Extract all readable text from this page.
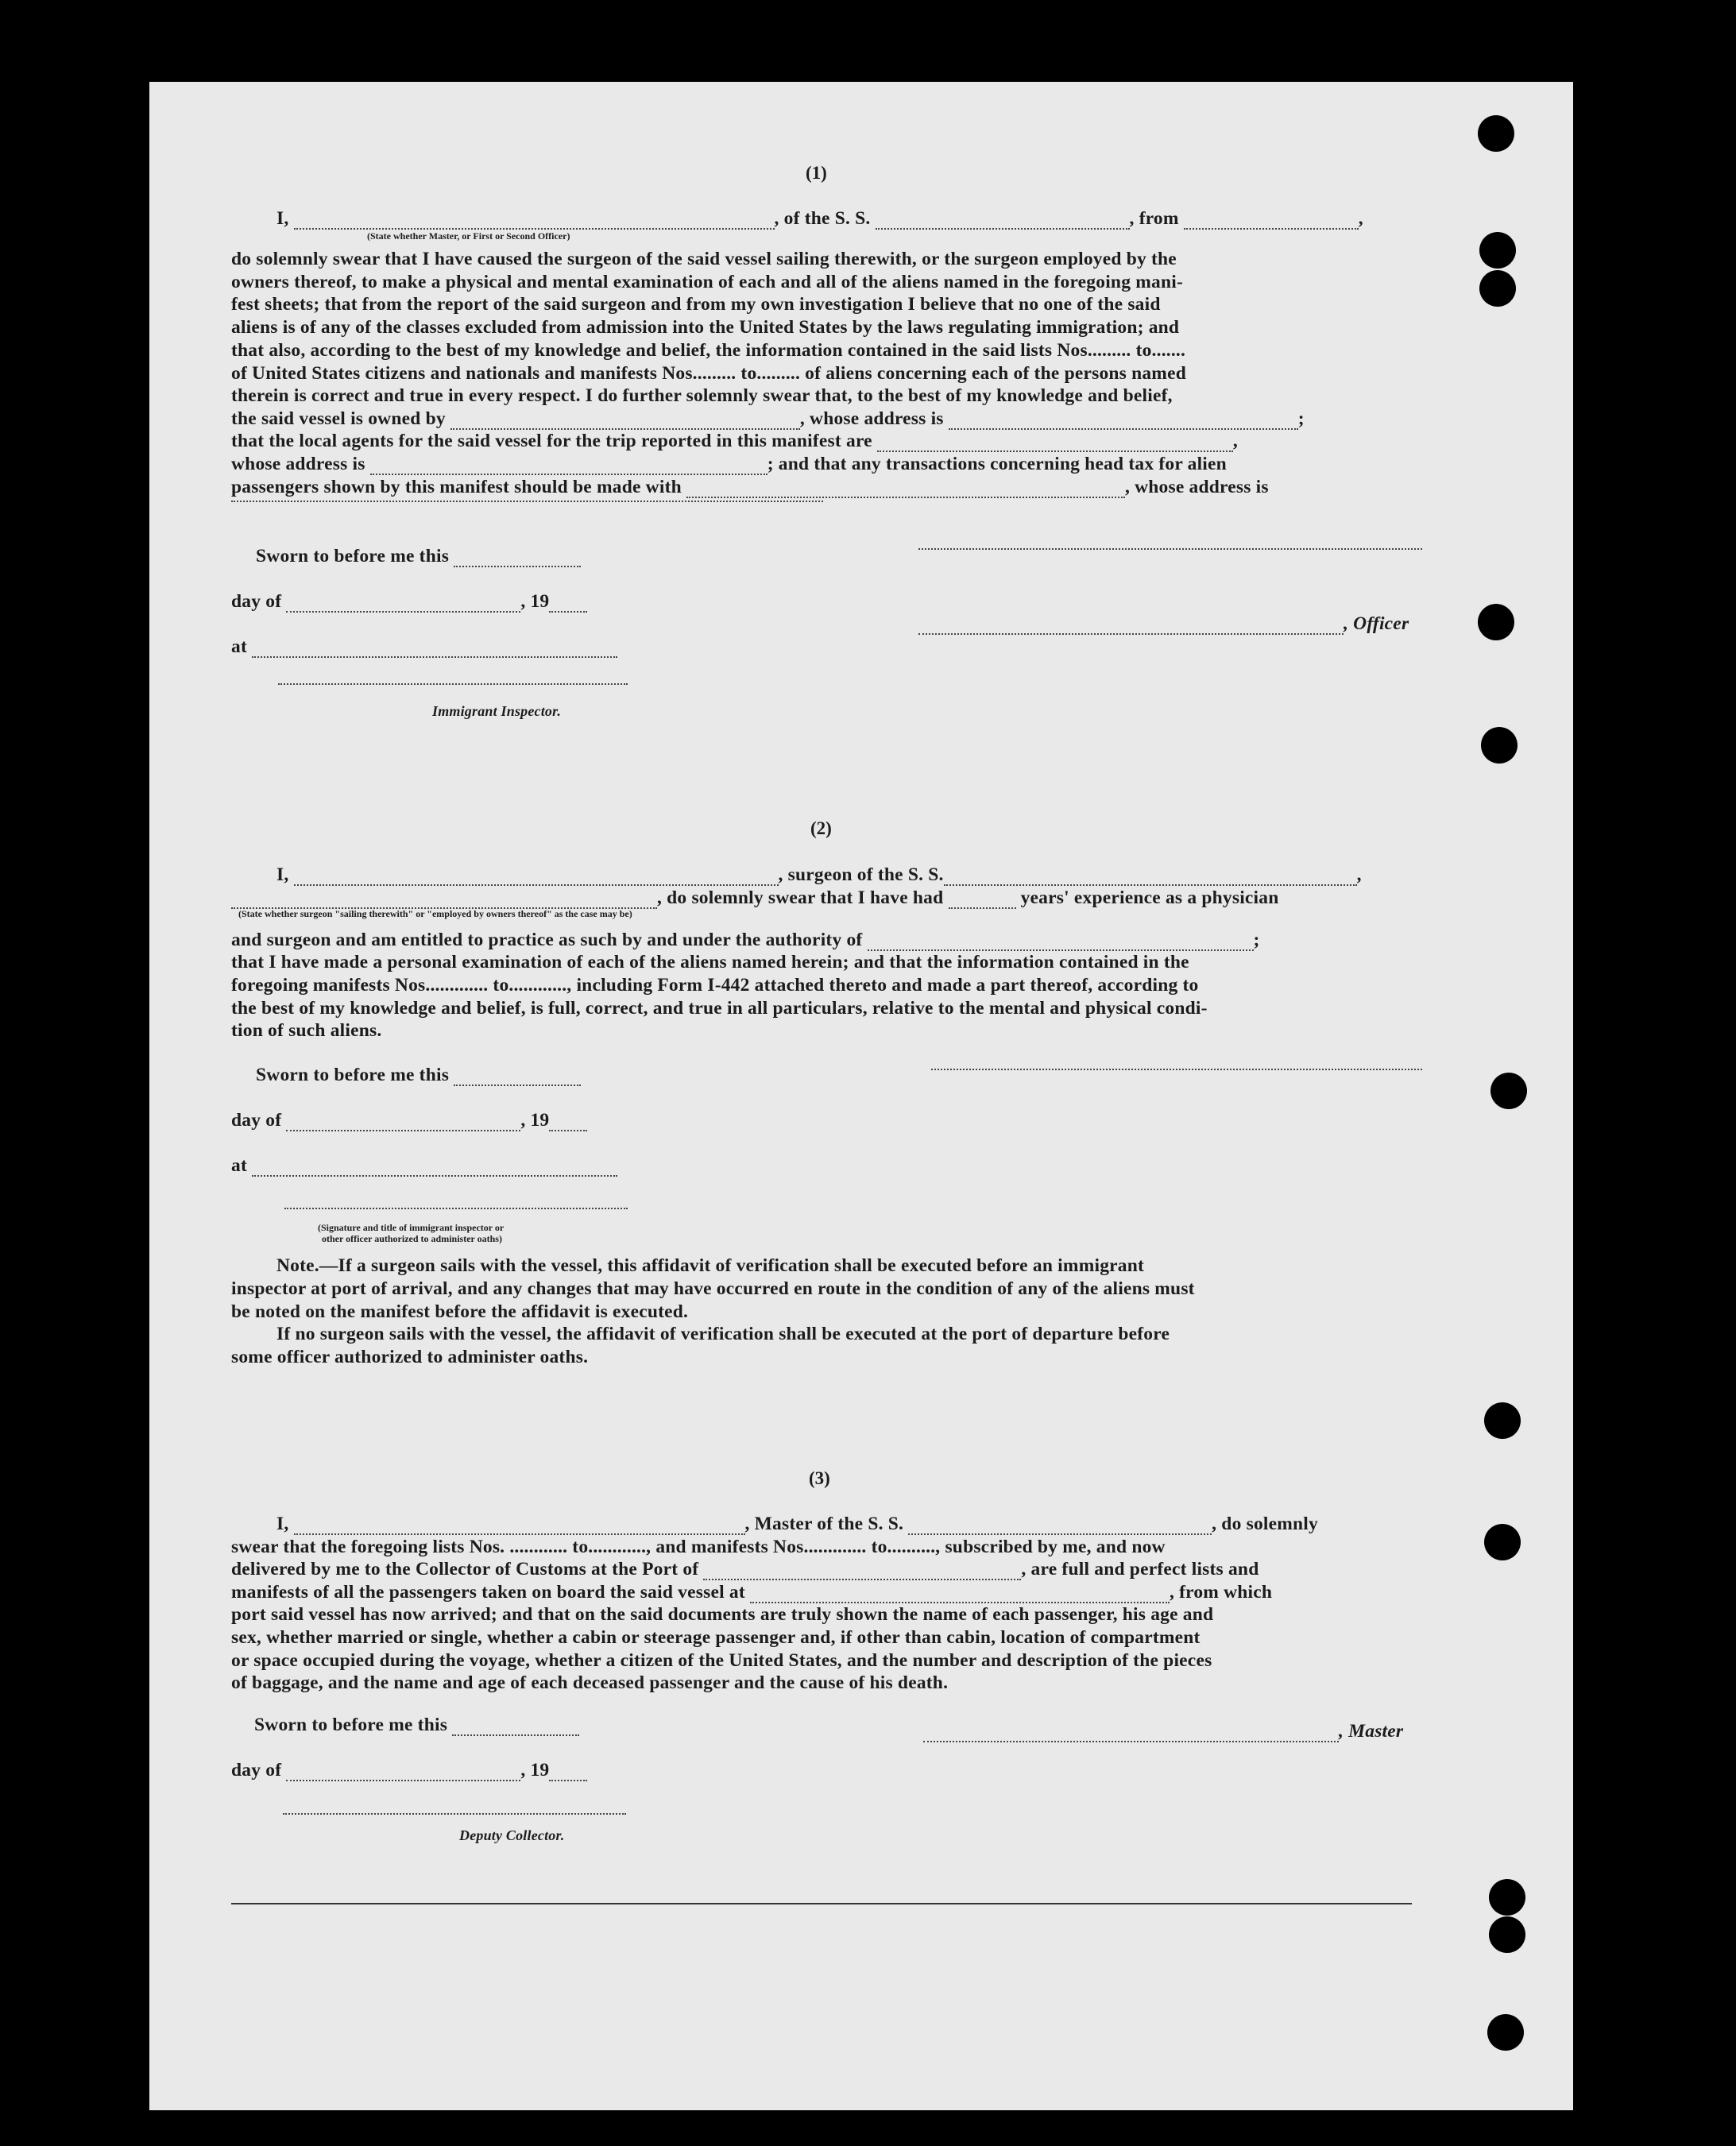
(1)
I,	, of the S. S.	, from	,
(State whether Master, or First or Second Officer)
do solemnly swear that I have caused the surgeon of the said vessel sailing therewith, or the surgeon employed by the
owners thereof, to make a physical and mental examination of each and all of the aliens named in the foregoing mani-
fest sheets; that from the report of the said surgeon and from my own investigation I believe that no one of the said
aliens is of any of the classes excluded from admission into the United States by the laws regulating immigration; and
that also, according to the best of my knowledge and belief, the information contained in the said lists Nos......... to.......
of United States citizens and nationals and manifests Nos......... to......... of aliens concerning each of the persons named
therein is correct and true in every respect. I do further solemnly swear that, to the best of my knowledge and belief,
the said vessel is owned by	, whose address is	;
that the local agents for the said vessel for the trip reported in this manifest are	,
whose address is	; and that any transactions concerning head tax for alien
passengers shown by this manifest should be made with	, whose address is
Sworn to before me this
day of	, 19
, Officer
at
Immigrant Inspector.
(2)
I,	, surgeon of the S. S.	,
, do solemnly swear that I have had	years' experience as a physician
(State whether surgeon "sailing therewith" or "employed by owners thereof" as the case may be)
and surgeon and am entitled to practice as such by and under the authority of	;
that I have made a personal examination of each of the aliens named herein; and that the information contained in the
foregoing manifests Nos............. to............, including Form I-442 attached thereto and made a part thereof, according to
the best of my knowledge and belief, is full, correct, and true in all particulars, relative to the mental and physical condi-
tion of such aliens.
Sworn to before me this
day of	, 19
at
(Signature and title of immigrant inspector or
other officer authorized to administer oaths)
Note.—If a surgeon sails with the vessel, this affidavit of verification shall be executed before an immigrant
inspector at port of arrival, and any changes that may have occurred en route in the condition of any of the aliens must
be noted on the manifest before the affidavit is executed.
If no surgeon sails with the vessel, the affidavit of verification shall be executed at the port of departure before
some officer authorized to administer oaths.
(3)
I,	, Master of the S. S.	, do solemnly
swear that the foregoing lists Nos. ............ to............, and manifests Nos............. to.........., subscribed by me, and now
delivered by me to the Collector of Customs at the Port of	, are full and perfect lists and
manifests of all the passengers taken on board the said vessel at	, from which
port said vessel has now arrived; and that on the said documents are truly shown the name of each passenger, his age and
sex, whether married or single, whether a cabin or steerage passenger and, if other than cabin, location of compartment
or space occupied during the voyage, whether a citizen of the United States, and the number and description of the pieces
of baggage, and the name and age of each deceased passenger and the cause of his death.
Sworn to before me this	, Master
day of	, 19
Deputy Collector.
